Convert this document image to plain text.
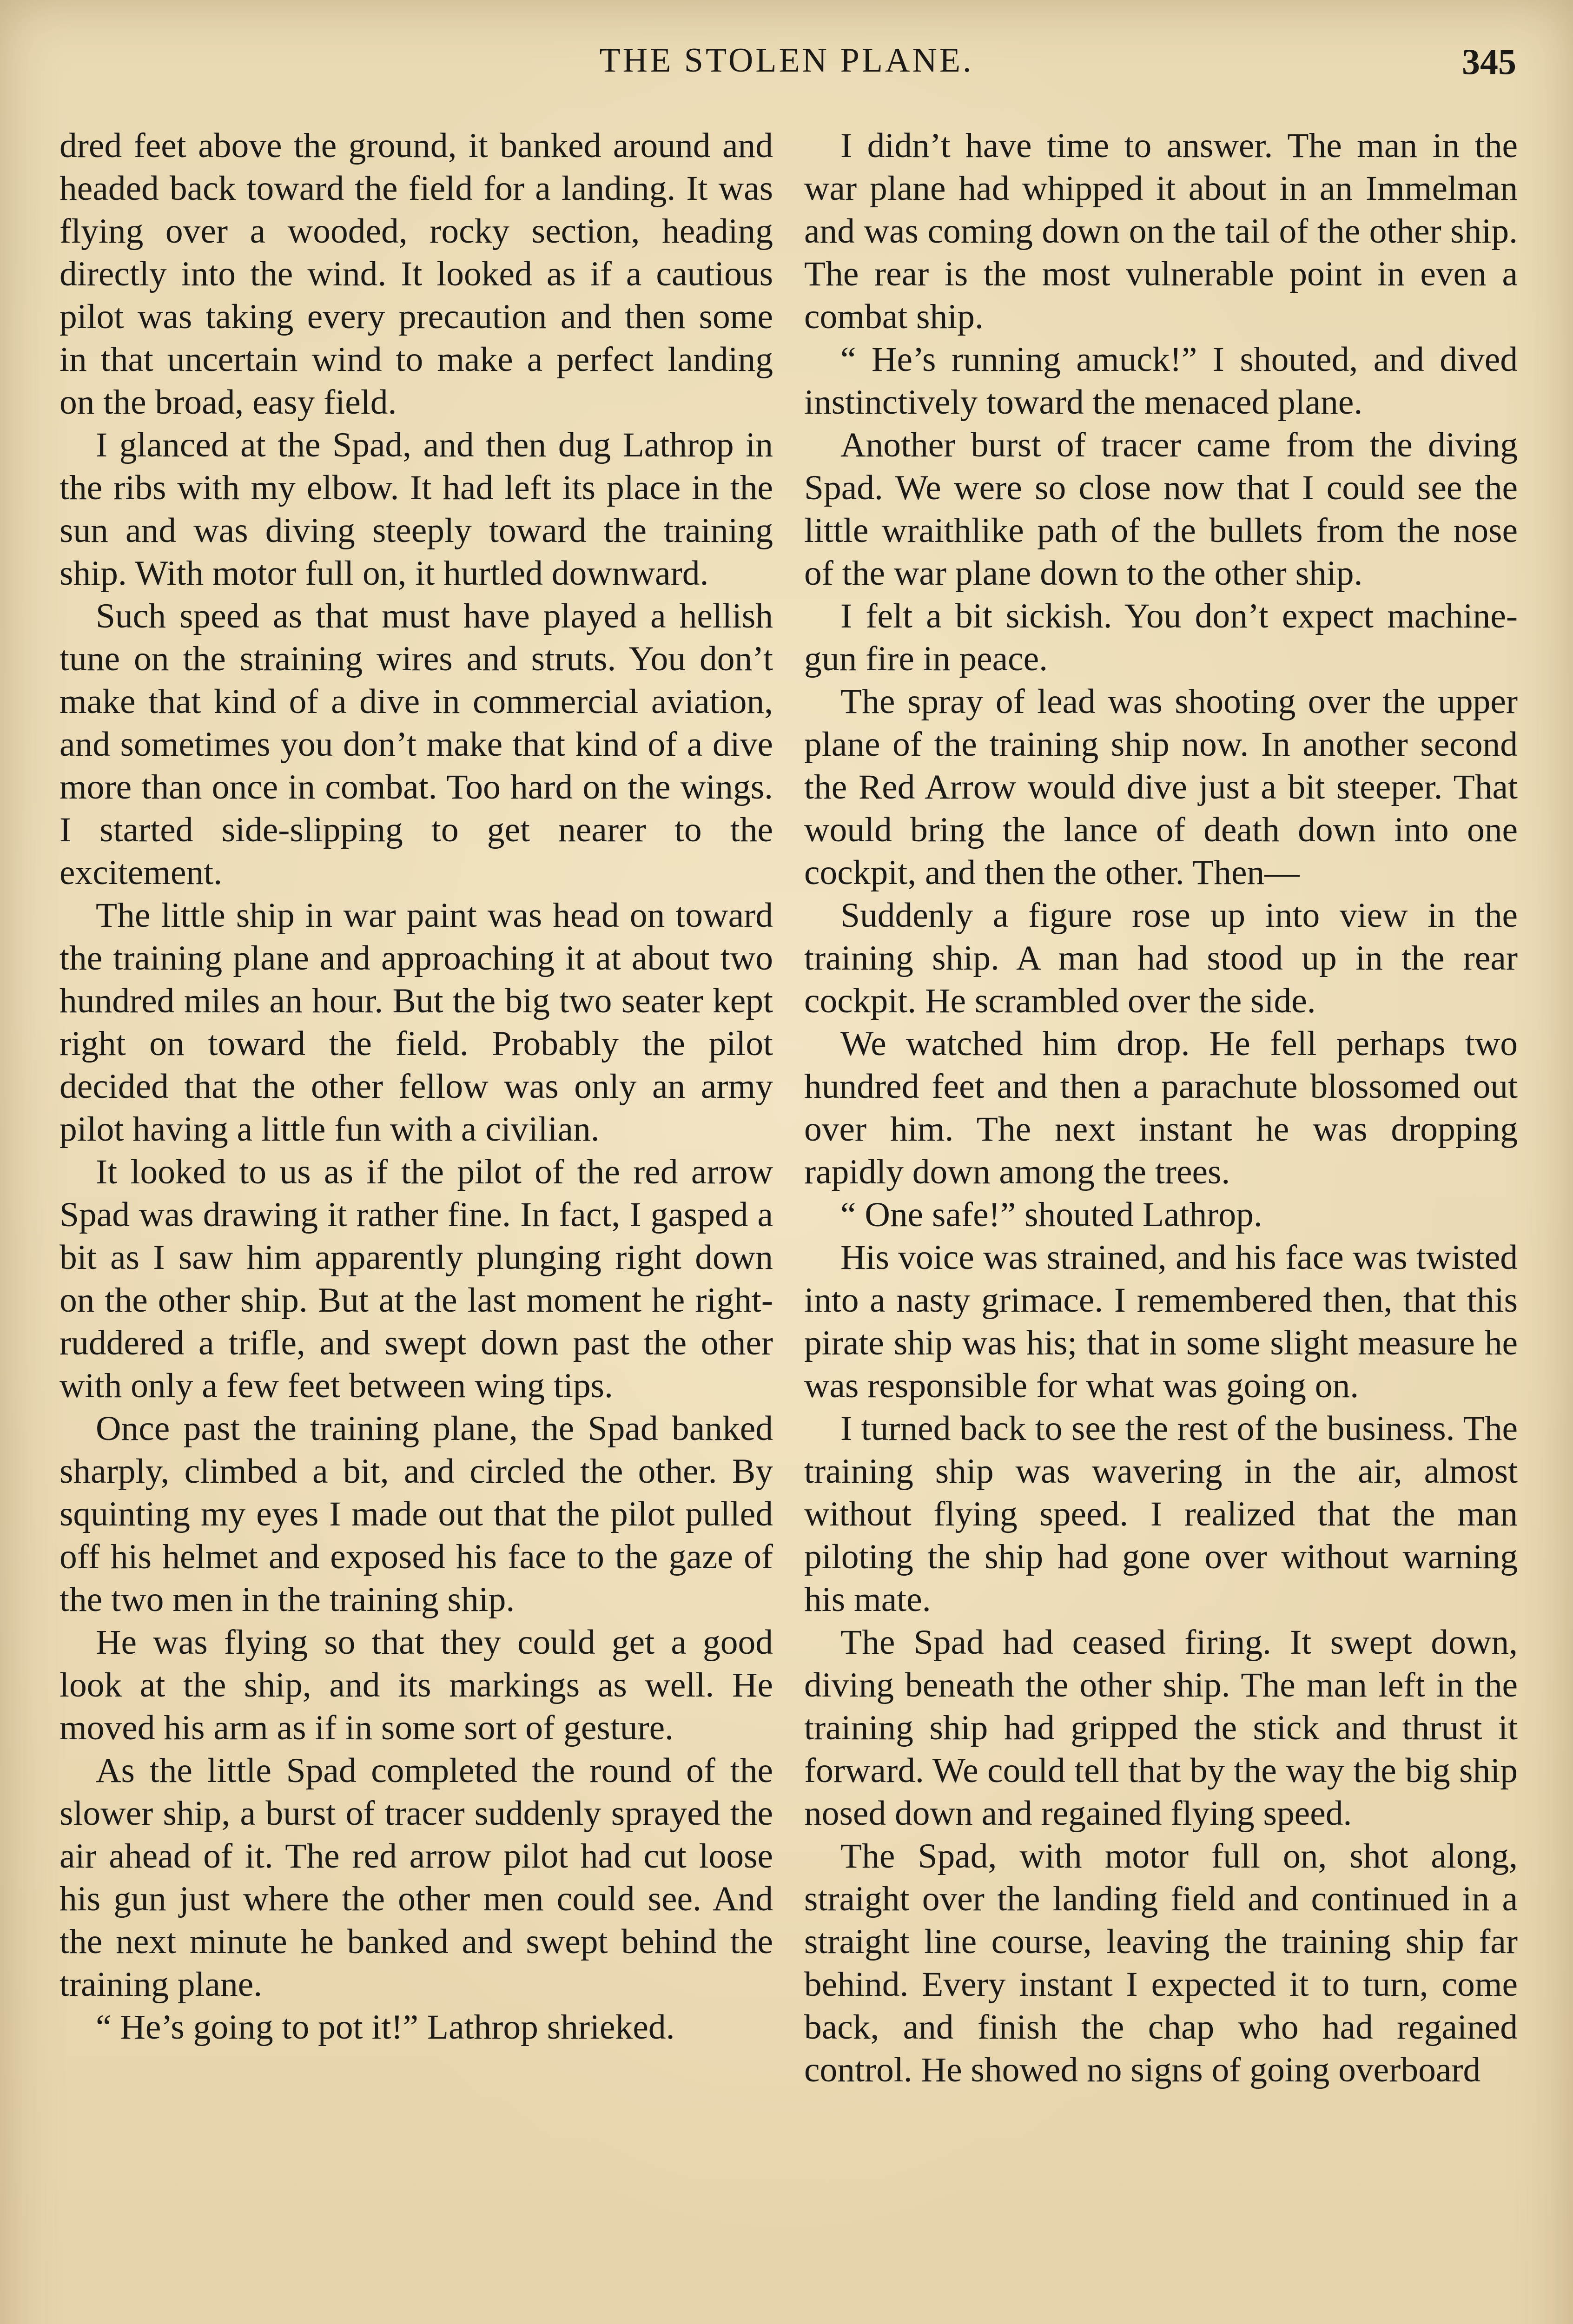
THE STOLEN PLANE.	345

dred feet above the ground, it banked around and headed back toward the field for a landing. It was flying over a wooded, rocky section, heading directly into the wind. It looked as if a cautious pilot was taking every precaution and then some in that uncertain wind to make a perfect landing on the broad, easy field.

I glanced at the Spad, and then dug Lathrop in the ribs with my elbow. It had left its place in the sun and was diving steeply toward the training ship. With motor full on, it hurtled downward.

Such speed as that must have played a hellish tune on the straining wires and struts. You don’t make that kind of a dive in commercial aviation, and sometimes you don’t make that kind of a dive more than once in combat. Too hard on the wings. I started side-slipping to get nearer to the excitement.

The little ship in war paint was head on toward the training plane and approaching it at about two hundred miles an hour. But the big two seater kept right on toward the field. Probably the pilot decided that the other fellow was only an army pilot having a little fun with a civilian.

It looked to us as if the pilot of the red arrow Spad was drawing it rather fine. In fact, I gasped a bit as I saw him apparently plunging right down on the other ship. But at the last moment he right-ruddered a trifle, and swept down past the other with only a few feet between wing tips.

Once past the training plane, the Spad banked sharply, climbed a bit, and circled the other. By squinting my eyes I made out that the pilot pulled off his helmet and exposed his face to the gaze of the two men in the training ship.

He was flying so that they could get a good look at the ship, and its markings as well. He moved his arm as if in some sort of gesture.

As the little Spad completed the round of the slower ship, a burst of tracer suddenly sprayed the air ahead of it. The red arrow pilot had cut loose his gun just where the other men could see. And the next minute he banked and swept behind the training plane.

“ He’s going to pot it!” Lathrop shrieked.

I didn’t have time to answer. The man in the war plane had whipped it about in an Immelman and was coming down on the tail of the other ship. The rear is the most vulnerable point in even a combat ship.

“ He’s running amuck!” I shouted, and dived instinctively toward the menaced plane.

Another burst of tracer came from the diving Spad. We were so close now that I could see the little wraithlike path of the bullets from the nose of the war plane down to the other ship.

I felt a bit sickish. You don’t expect machine-gun fire in peace.

The spray of lead was shooting over the upper plane of the training ship now. In another second the Red Arrow would dive just a bit steeper. That would bring the lance of death down into one cockpit, and then the other. Then—

Suddenly a figure rose up into view in the training ship. A man had stood up in the rear cockpit. He scrambled over the side.

We watched him drop. He fell perhaps two hundred feet and then a parachute blossomed out over him. The next instant he was dropping rapidly down among the trees.

“ One safe!” shouted Lathrop.

His voice was strained, and his face was twisted into a nasty grimace. I remembered then, that this pirate ship was his; that in some slight measure he was responsible for what was going on.

I turned back to see the rest of the business. The training ship was wavering in the air, almost without flying speed. I realized that the man piloting the ship had gone over without warning his mate.

The Spad had ceased firing. It swept down, diving beneath the other ship. The man left in the training ship had gripped the stick and thrust it forward. We could tell that by the way the big ship nosed down and regained flying speed.

The Spad, with motor full on, shot along, straight over the landing field and continued in a straight line course, leaving the training ship far behind. Every instant I expected it to turn, come back, and finish the chap who had regained control. He showed no signs of going overboard
